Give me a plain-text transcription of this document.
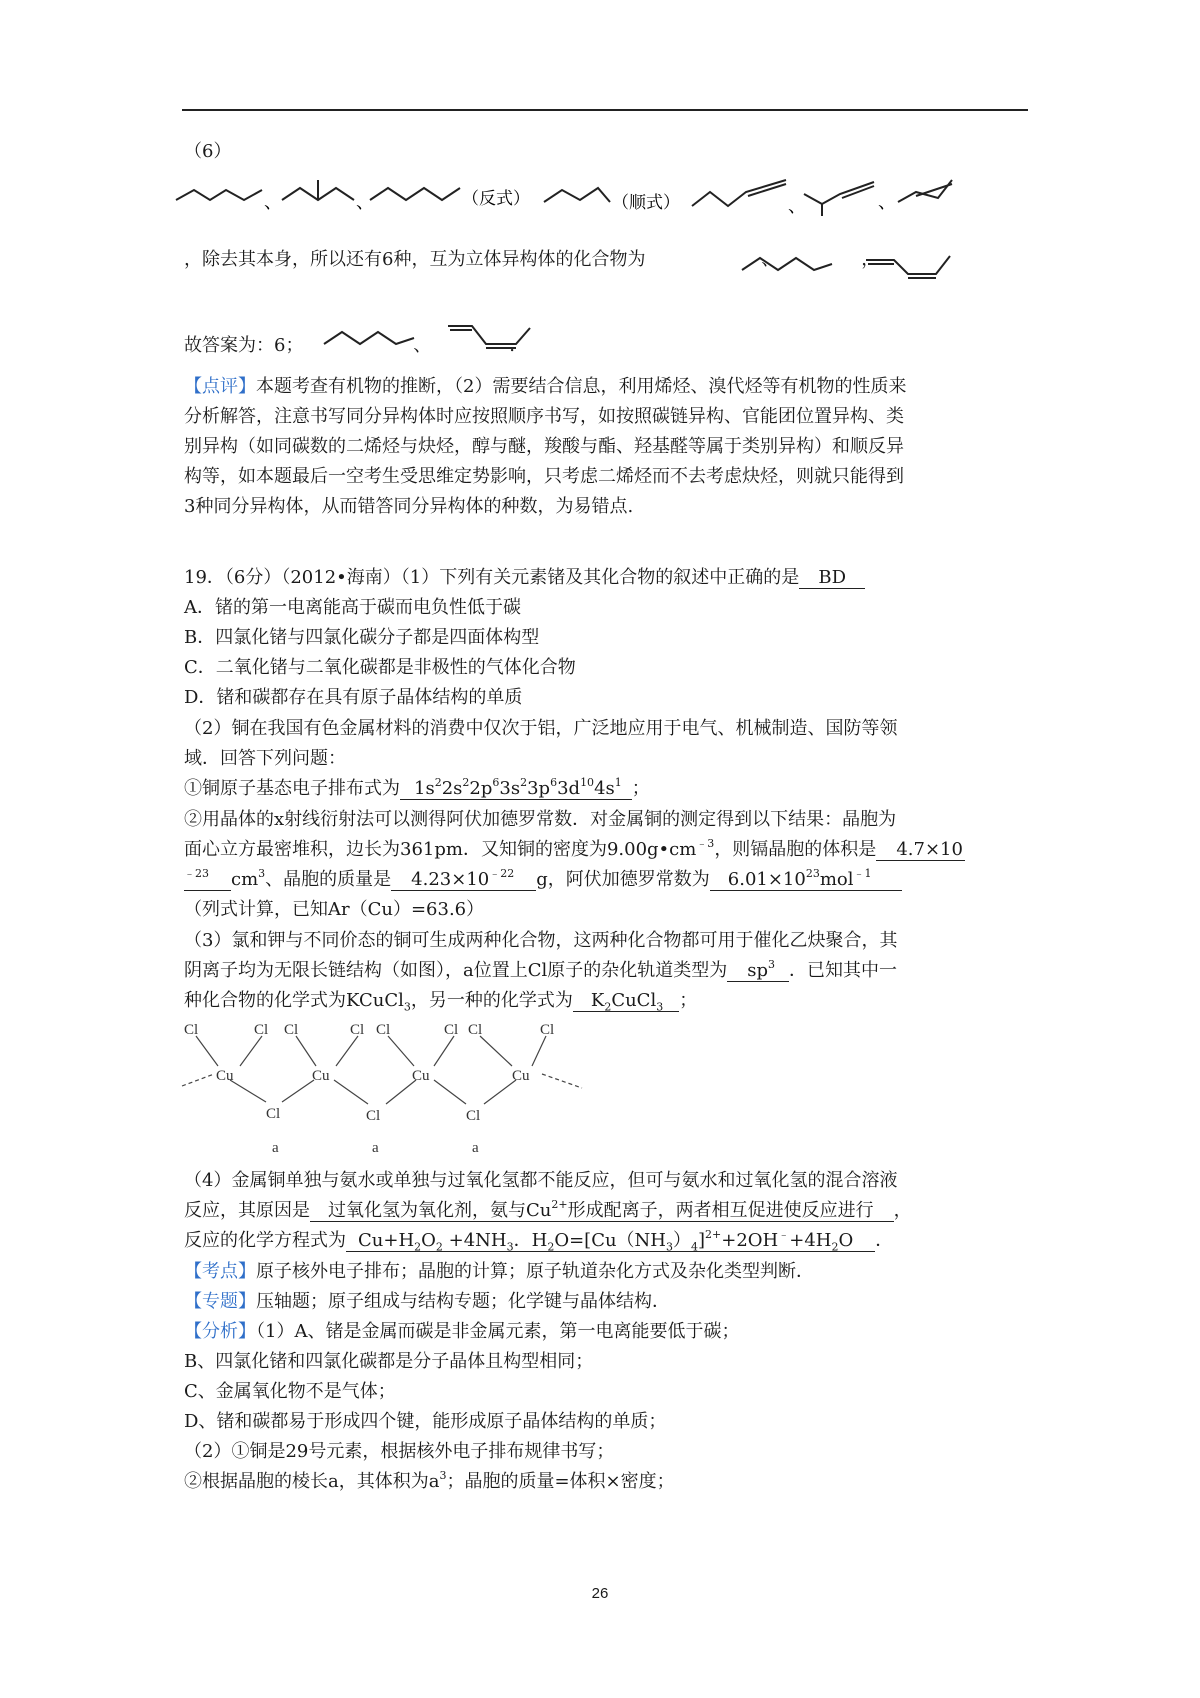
（6）
、	、	（反式）	（顺式）	、	、
，除去其本身，所以还有6种，互为立体异构体的化合物为	、	，
故答案为：6；	、	.
【点评】本题考查有机物的推断，（2）需要结合信息，利用烯烃、溴代烃等有机物的性质来
分析解答，注意书写同分异构体时应按照顺序书写，如按照碳链异构、官能团位置异构、类
别异构（如同碳数的二烯烃与炔烃，醇与醚，羧酸与酯、羟基醛等属于类别异构）和顺反异
构等，如本题最后一空考生受思维定势影响，只考虑二烯烃而不去考虑炔烃，则就只能得到
3种同分异构体，从而错答同分异构体的种数，为易错点.
19．（6分）（2012•海南）（1）下列有关元素锗及其化合物的叙述中正确的是 BD
A．锗的第一电离能高于碳而电负性低于碳
B．四氯化锗与四氯化碳分子都是四面体构型
C．二氧化锗与二氧化碳都是非极性的气体化合物
D．锗和碳都存在具有原子晶体结构的单质
（2）铜在我国有色金属材料的消费中仅次于铝，广泛地应用于电气、机械制造、国防等领
域．回答下列问题：
①铜原子基态电子排布式为 $1s^22s^22p^63s^23p^63d^{10}4s^1$ ；
②用晶体的x射线衍射法可以测得阿伏加德罗常数．对金属铜的测定得到以下结果：晶胞为
面心立方最密堆积，边长为361pm．又知铜的密度为$9.00g•cm^{﹣3}$，则镉晶胞的体积是 4.7×10
$^{﹣23}$ $cm^3$、晶胞的质量是 $4.23\times 10^{﹣22}$ g，阿伏加德罗常数为 $6.01\times 10^{23}mol^{﹣1}$
（列式计算，已知Ar（Cu）=63.6）
（3）氯和钾与不同价态的铜可生成两种化合物，这两种化合物都可用于催化乙炔聚合，其
阴离子均为无限长链结构（如图），a位置上Cl原子的杂化轨道类型为 $sp^3$ ．已知其中一
种化合物的化学式为KCuCl$_3$，另一种的化学式为 $K_2CuCl_3$ ；
Cl	Cl Cl	Cl Cl	Cl Cl	Cl
Cu	Cu	Cu	Cu
Cl	Cl	Cl
a	a	a
（4）金属铜单独与氨水或单独与过氧化氢都不能反应，但可与氨水和过氧化氢的混合溶液
反应，其原因是 过氧化氢为氧化剂，氨与$Cu^{2+}$形成配离子，两者相互促进使反应进行 ，
反应的化学方程式为 $Cu+H_2O_2 +4NH_3$．$H_2O=[Cu(NH_3)_4]^{2+}+2OH^﹣+4H_2O$ ．
【考点】原子核外电子排布；晶胞的计算；原子轨道杂化方式及杂化类型判断．
【专题】压轴题；原子组成与结构专题；化学键与晶体结构．
【分析】（1）A、锗是金属而碳是非金属元素，第一电离能要低于碳；
B、四氯化锗和四氯化碳都是分子晶体且构型相同；
C、金属氧化物不是气体；
D、锗和碳都易于形成四个键，能形成原子晶体结构的单质；
（2）①铜是29号元素，根据核外电子排布规律书写；
②根据晶胞的棱长a，其体积为$a^3$；晶胞的质量=体积×密度；
26
